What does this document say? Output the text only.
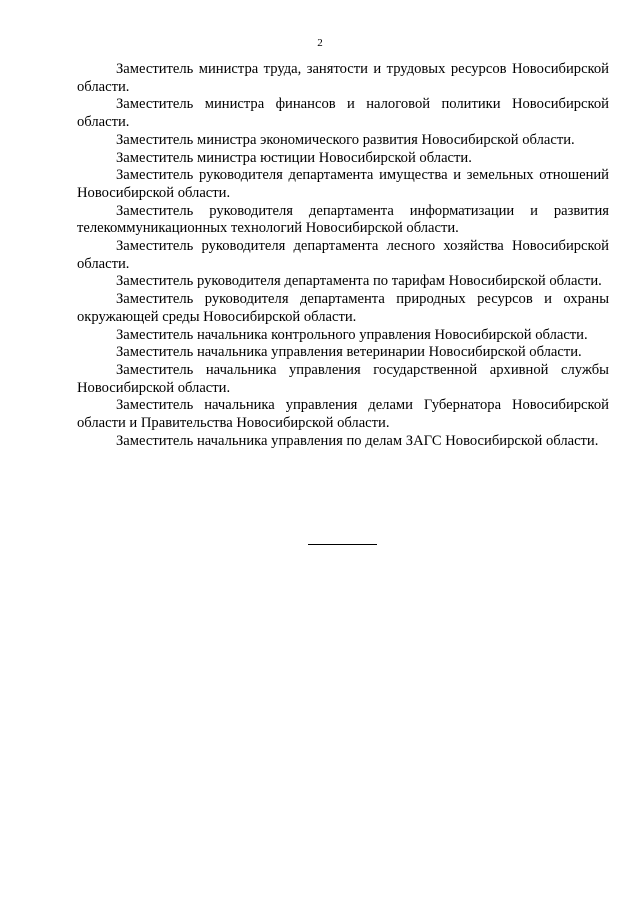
2

Заместитель министра труда, занятости и трудовых ресурсов Новосибирской области.

Заместитель министра финансов и налоговой политики Новосибирской области.

Заместитель министра экономического развития Новосибирской области.

Заместитель министра юстиции Новосибирской области.

Заместитель руководителя департамента имущества и земельных отношений Новосибирской области.

Заместитель руководителя департамента информатизации и развития телекоммуникационных технологий Новосибирской области.

Заместитель руководителя департамента лесного хозяйства Новосибирской области.

Заместитель руководителя департамента по тарифам Новосибирской области.

Заместитель руководителя департамента природных ресурсов и охраны окружающей среды Новосибирской области.

Заместитель начальника контрольного управления Новосибирской области.

Заместитель начальника управления ветеринарии Новосибирской области.

Заместитель начальника управления государственной архивной службы Новосибирской области.

Заместитель начальника управления делами Губернатора Новосибирской области и Правительства Новосибирской области.

Заместитель начальника управления по делам ЗАГС Новосибирской области.
